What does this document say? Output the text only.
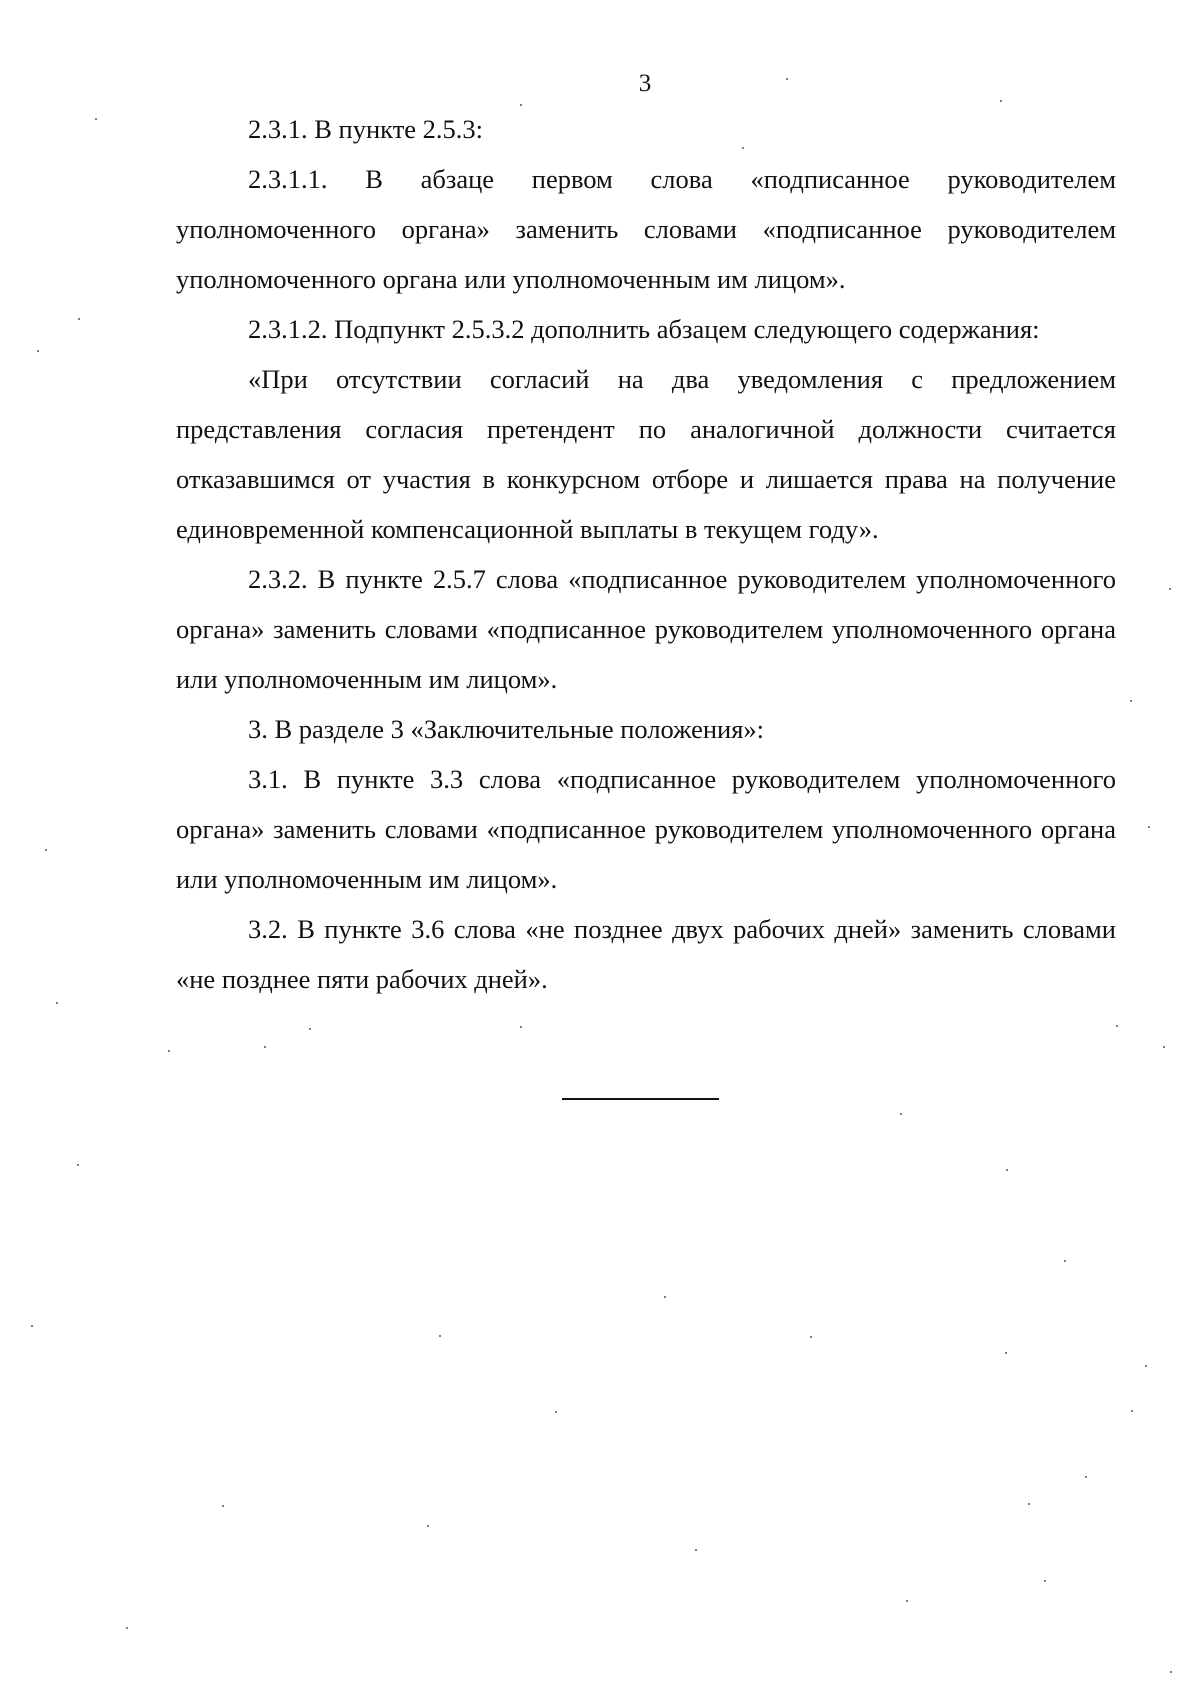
3

2.3.1. В пункте 2.5.3:

2.3.1.1. В абзаце первом слова «подписанное руководителем уполномоченного органа» заменить словами «подписанное руководителем уполномоченного органа или уполномоченным им лицом».

2.3.1.2. Подпункт 2.5.3.2 дополнить абзацем следующего содержания:

«При отсутствии согласий на два уведомления с предложением представления согласия претендент по аналогичной должности считается отказавшимся от участия в конкурсном отборе и лишается права на получение единовременной компенсационной выплаты в текущем году».

2.3.2. В пункте 2.5.7 слова «подписанное руководителем уполномоченного органа» заменить словами «подписанное руководителем уполномоченного органа или уполномоченным им лицом».

3. В разделе 3 «Заключительные положения»:

3.1. В пункте 3.3 слова «подписанное руководителем уполномоченного органа» заменить словами «подписанное руководителем уполномоченного органа или уполномоченным им лицом».

3.2. В пункте 3.6 слова «не позднее двух рабочих дней» заменить словами «не позднее пяти рабочих дней».
